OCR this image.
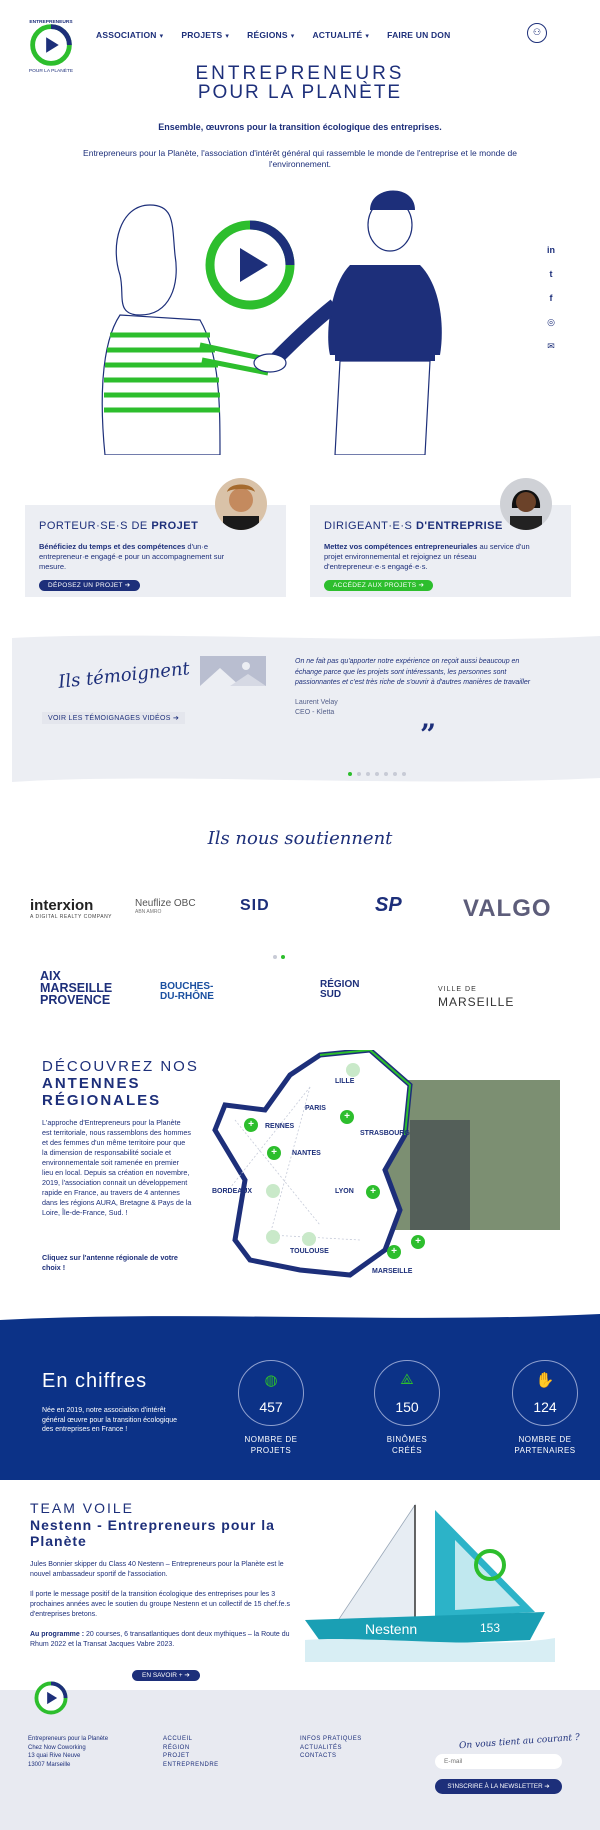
ENTREPRENEURS
POUR LA PLANÈTE
ASSOCIATION ▾ PROJETS ▾ RÉGIONS ▾ ACTUALITÉ ▾ FAIRE UN DON	⚇
ENTREPRENEURS
POUR LA PLANÈTE
Ensemble, œuvrons pour la transition écologique des entreprises.
Entrepreneurs pour la Planète, l'association d'intérêt général qui rassemble le monde de l'entreprise et le monde de l'environnement.
in
t
f
◎
✉
PORTEUR·SE·S DE PROJET
Bénéficiez du temps et des compétences d'un·e entrepreneur·e engagé·e pour un accompagnement sur mesure.
DÉPOSEZ UN PROJET ➔
DIRIGEANT·E·S D'ENTREPRISE
Mettez vos compétences entrepreneuriales au service d'un projet environnemental et rejoignez un réseau d'entrepreneur·e·s engagé·e·s.
ACCÉDEZ AUX PROJETS ➔
Ils témoignent
VOIR LES TÉMOIGNAGES VIDÉOS ➔
On ne fait pas qu'apporter notre expérience on reçoit aussi beaucoup en échange parce que les projets sont intéressants, les personnes sont passionnantes et c'est très riche de s'ouvrir à d'autres manières de travailler
Laurent Velay
CEO - Kletta
”
Ils nous soutiennent
interxion
A DIGITAL REALTY COMPANY
Neuflize OBC
ABN AMRO	SID	SP	VALGO
AIX
MARSEILLE
PROVENCE
BOUCHES-
DU-RHÔNE
RÉGION
SUD	VILLE DE
MARSEILLE
DÉCOUVREZ NOS
ANTENNES
RÉGIONALES
L'approche d'Entrepreneurs pour la Planète est territoriale, nous rassemblons des hommes et des femmes d'un même territoire pour que la dimension de responsabilité sociale et environnementale soit ramenée en premier lieu en local. Depuis sa création en novembre, 2019, l'association connait un développement rapide en France, au travers de 4 antennes dans les régions AURA, Bretagne & Pays de la Loire, Île-de-France, Sud. !
Cliquez sur l'antenne régionale de votre choix !
LILLE
PARIS
RENNES
STRASBOURG
NANTES
BORDEAUX	LYON
TOULOUSE
MARSEILLE
+
+
+
+
+
+
En chiffres
Née en 2019, notre association d'intérêt général œuvre pour la transition écologique des entreprises en France !
◍
457
NOMBRE DE
PROJETS
⟁
150
BINÔMES
CRÉÉS
✋
124
NOMBRE DE
PARTENAIRES
TEAM VOILE
Nestenn - Entrepreneurs pour la Planète
Jules Bonnier skipper du Class 40 Nestenn – Entrepreneurs pour la Planète est le nouvel ambassadeur sportif de l'association.
Il porte le message positif de la transition écologique des entreprises pour les 3 prochaines années avec le soutien du groupe Nestenn et un collectif de 15 chef.fe.s d'entreprises bretons.
Au programme : 20 courses, 6 transatlantiques dont deux mythiques – la Route du Rhum 2022 et la Transat Jacques Vabre 2023.
EN SAVOIR + ➔
Nestenn	153
Entrepreneurs pour la Planète
Chez Now Coworking
13 quai Rive Neuve
13007 Marseille
ACCUEIL
RÉGION
PROJET
ENTREPRENDRE
INFOS PRATIQUES
ACTUALITÉS
CONTACTS
On vous tient au courant ?
E-mail
S'INSCRIRE À LA NEWSLETTER ➔
